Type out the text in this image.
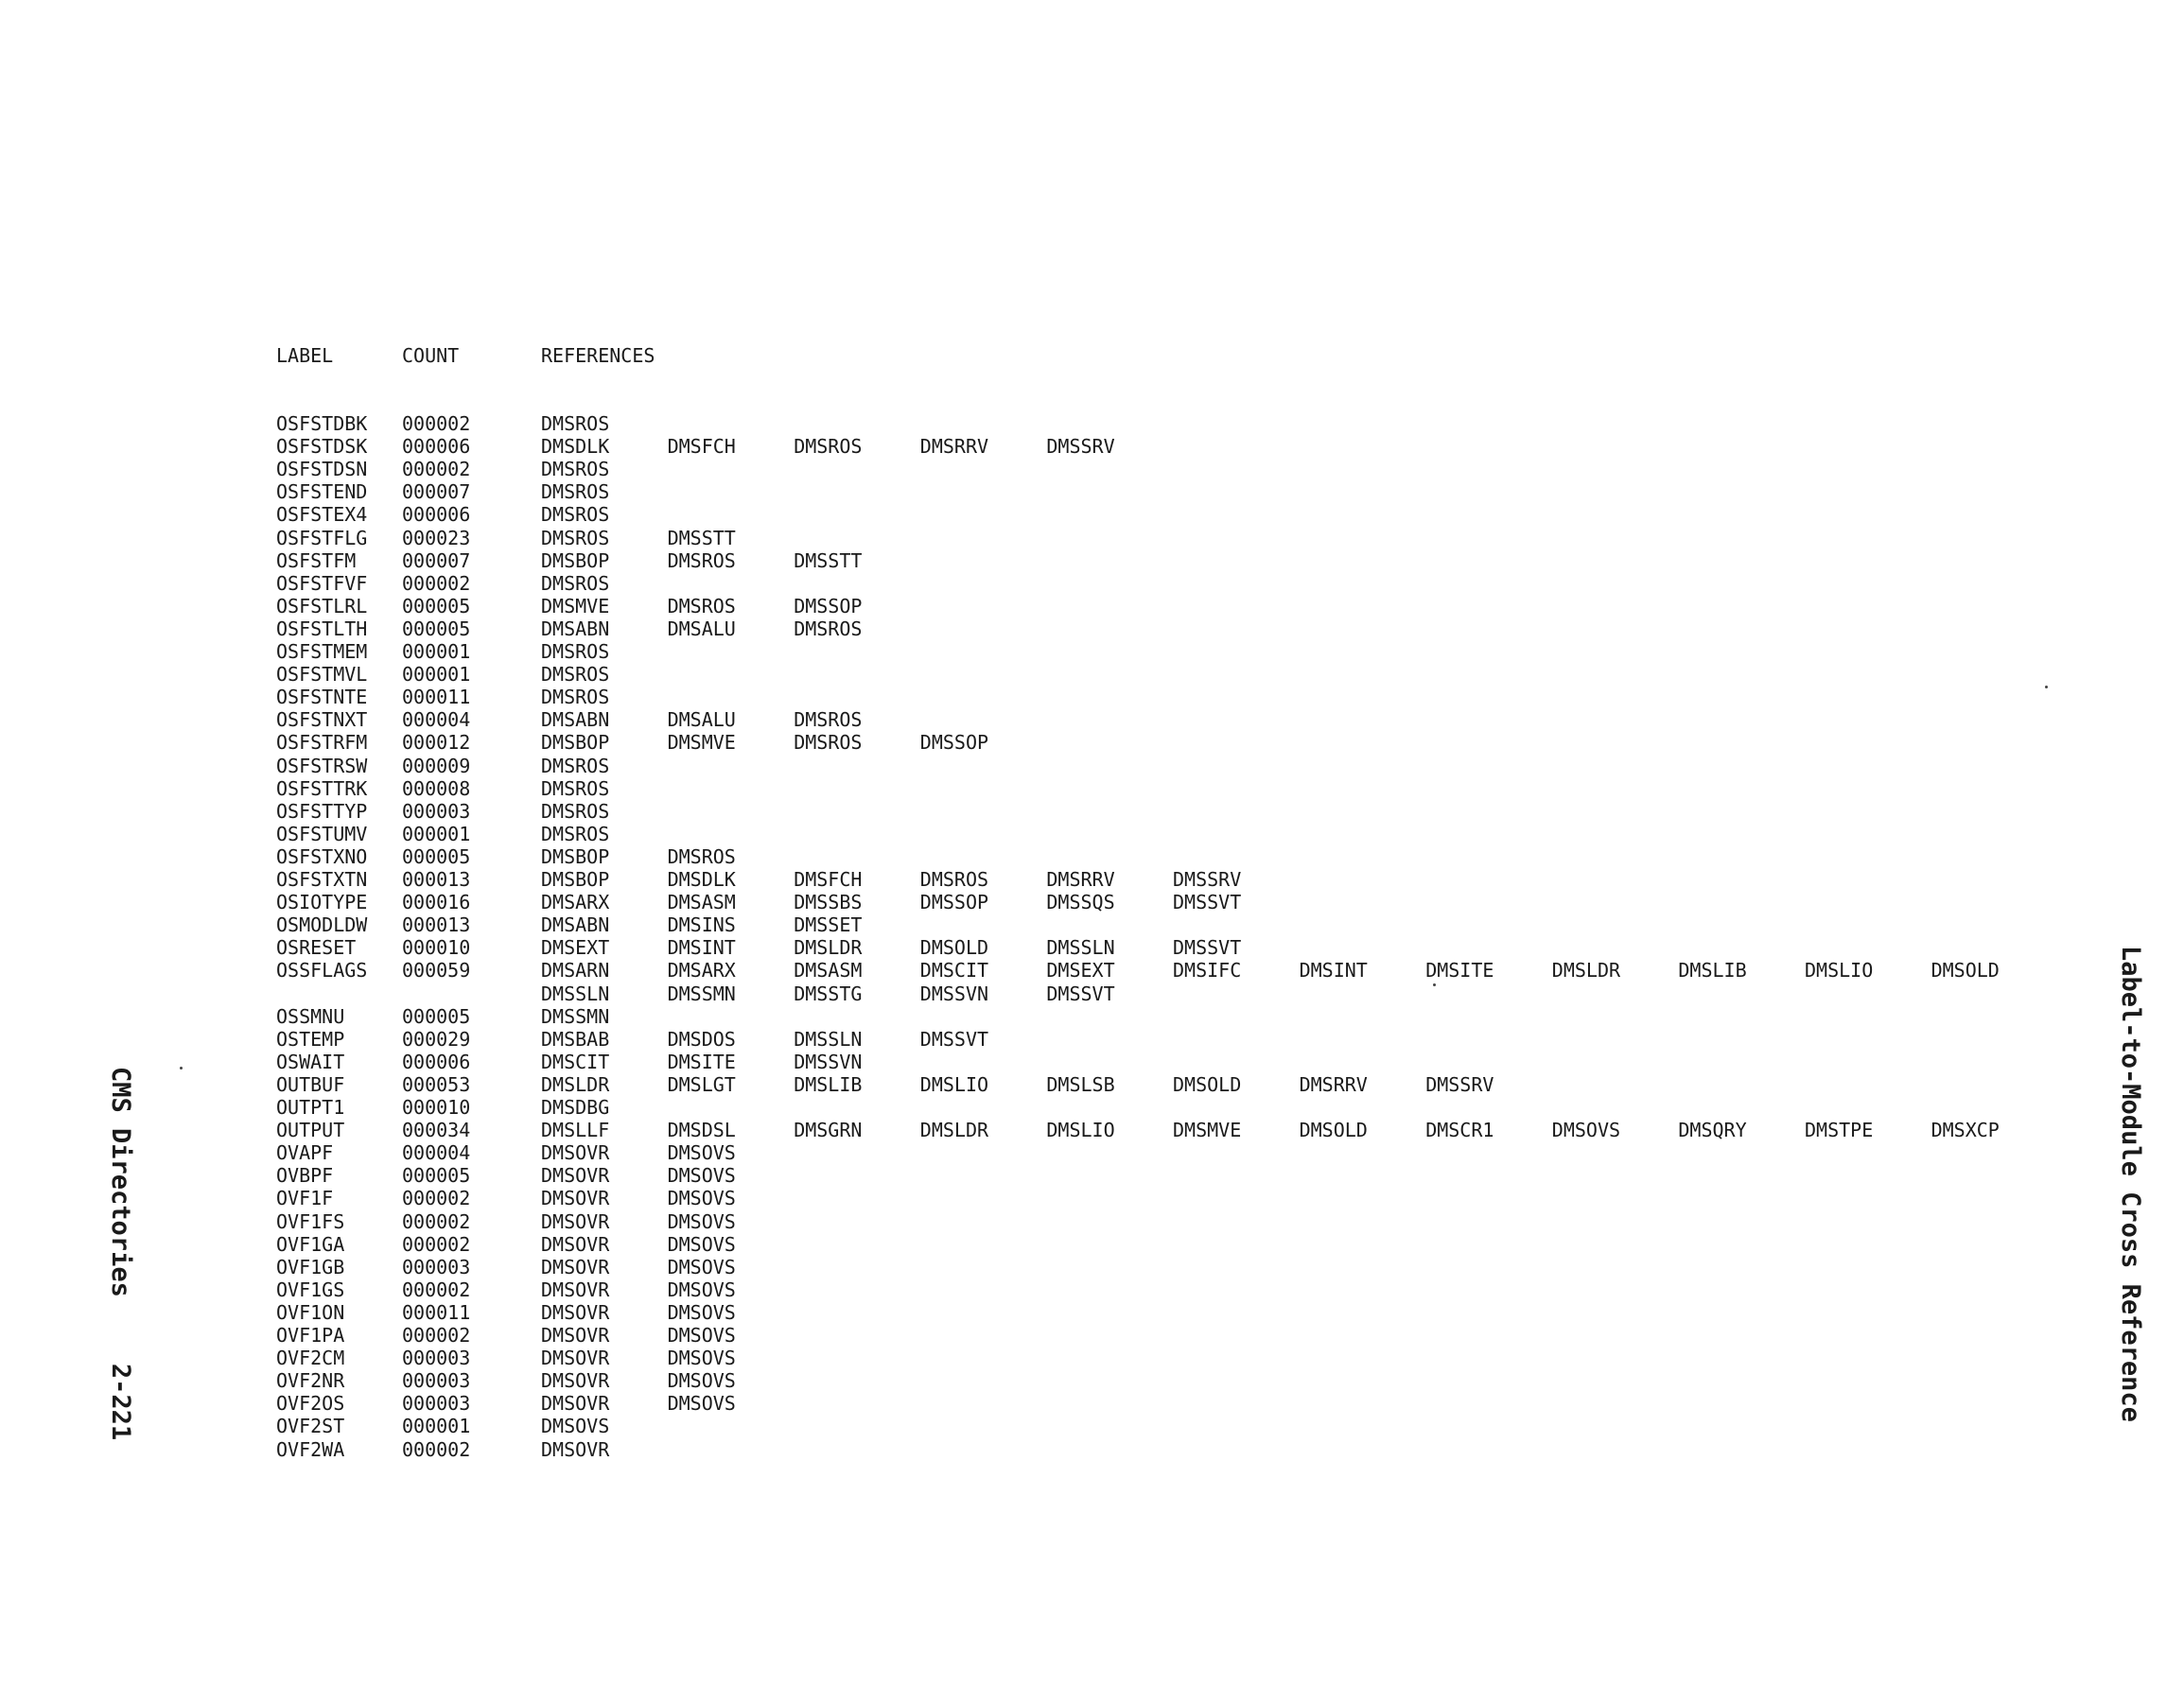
LABEL	COUNT	REFERENCES
OSFSTDBK 000002	DMSROS
OSFSTDSK 000006	DMSDLK	DMSFCH	DMSROS	DMSRRV	DMSSRV
OSFSTDSN 000002	DMSROS
OSFSTEND 000007	DMSROS
OSFSTEX4 000006	DMSROS
OSFSTFLG 000023	DMSROS	DMSSTT
OSFSTFM 000007	DMSBOP	DMSROS	DMSSTT
OSFSTFVF 000002	DMSROS
OSFSTLRL 000005	DMSMVE	DMSROS	DMSSOP
OSFSTLTH 000005	DMSABN	DMSALU	DMSROS
OSFSTMEM 000001	DMSROS
OSFSTMVL 000001	DMSROS
OSFSTNTE 000011	DMSROS
OSFSTNXT 000004	DMSABN	DMSALU	DMSROS
OSFSTRFM 000012	DMSBOP	DMSMVE	DMSROS	DMSSOP
OSFSTRSW 000009	DMSROS
OSFSTTRK 000008	DMSROS
OSFSTTYP 000003	DMSROS
OSFSTUMV 000001	DMSROS
OSFSTXNO 000005	DMSBOP	DMSROS
OSFSTXTN 000013	DMSBOP	DMSDLK	DMSFCH	DMSROS	DMSRRV	DMSSRV
OSIOTYPE 000016	DMSARX	DMSASM	DMSSBS	DMSSOP	DMSSQS	DMSSVT
OSMODLDW 000013	DMSABN	DMSINS	DMSSET
OSRESET 000010	DMSEXT	DMSINT	DMSLDR	DMSOLD	DMSSLN	DMSSVT
OSSFLAGS 000059	DMSARN	DMSARX	DMSASM	DMSCIT	DMSEXT	DMSIFC	DMSINT	DMSITE	DMSLDR	DMSLIB	DMSLIO	DMSOLD
DMSSLN	DMSSMN	DMSSTG	DMSSVN	DMSSVT
OSSMNU	000005	DMSSMN
OSTEMP	000029	DMSBAB	DMSDOS	DMSSLN	DMSSVT
OSWAIT	000006	DMSCIT	DMSITE	DMSSVN
OUTBUF	000053	DMSLDR	DMSLGT	DMSLIB	DMSLIO	DMSLSB	DMSOLD	DMSRRV	DMSSRV
OUTPT1	000010	DMSDBG
OUTPUT	000034	DMSLLF	DMSDSL	DMSGRN	DMSLDR	DMSLIO	DMSMVE	DMSOLD	DMSCR1	DMSOVS	DMSQRY	DMSTPE	DMSXCP
OVAPF	000004	DMSOVR	DMSOVS
OVBPF	000005	DMSOVR	DMSOVS
OVF1F	000002	DMSOVR	DMSOVS
OVF1FS	000002	DMSOVR	DMSOVS
OVF1GA	000002	DMSOVR	DMSOVS
OVF1GB	000003	DMSOVR	DMSOVS
OVF1GS	000002	DMSOVR	DMSOVS
OVF1ON	000011	DMSOVR	DMSOVS
OVF1PA	000002	DMSOVR	DMSOVS
OVF2CM	000003	DMSOVR	DMSOVS
OVF2NR	000003	DMSOVR	DMSOVS
OVF2OS	000003	DMSOVR	DMSOVS
OVF2ST	000001	DMSOVS
OVF2WA	000002	DMSOVR
CMS Directories2-221	Label-to-Module Cross Reference
